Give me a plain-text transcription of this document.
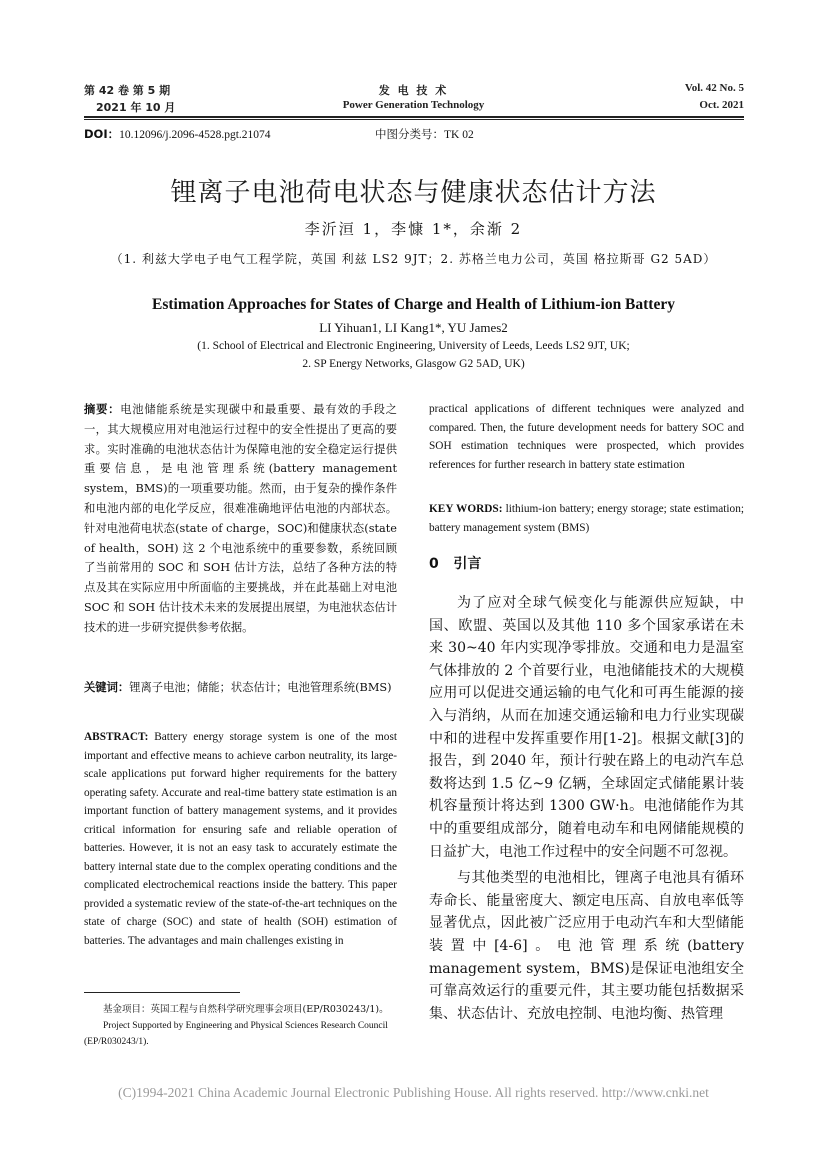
第 42 卷 第 5 期
2021 年 10 月
发 电 技 术
Power Generation Technology
Vol. 42 No. 5
Oct. 2021
DOI：10.12096/j.2096-4528.pgt.21074	中图分类号：TK 02
锂离子电池荷电状态与健康状态估计方法
李沂洹 1，李慷 1*，余渐 2
（1. 利兹大学电子电气工程学院，英国 利兹 LS2 9JT；2. 苏格兰电力公司，英国 格拉斯哥 G2 5AD）
Estimation Approaches for States of Charge and Health of Lithium-ion Battery
LI Yihuan1, LI Kang1*, YU James2
(1. School of Electrical and Electronic Engineering, University of Leeds, Leeds LS2 9JT, UK;
2. SP Energy Networks, Glasgow G2 5AD, UK)

摘要：电池储能系统是实现碳中和最重要、最有效的手段之一，其大规模应用对电池运行过程中的安全性提出了更高的要求。实时准确的电池状态估计为保障电池的安全稳定运行提供重要信息，是电池管理系统(battery management system，BMS)的一项重要功能。然而，由于复杂的操作条件和电池内部的电化学反应，很难准确地评估电池的内部状态。针对电池荷电状态(state of charge，SOC)和健康状态(state of health，SOH) 这 2 个电池系统中的重要参数，系统回顾了当前常用的 SOC 和 SOH 估计方法，总结了各种方法的特点及其在实际应用中所面临的主要挑战，并在此基础上对电池 SOC 和 SOH 估计技术未来的发展提出展望，为电池状态估计技术的进一步研究提供参考依据。

关键词：锂离子电池；储能；状态估计；电池管理系统(BMS)

ABSTRACT: Battery energy storage system is one of the most important and effective means to achieve carbon neutrality, its large-scale applications put forward higher requirements for the battery operating safety. Accurate and real-time battery state estimation is an important function of battery management systems, and it provides critical information for ensuring safe and reliable operation of batteries. However, it is not an easy task to accurately estimate the battery internal state due to the complex operating conditions and the complicated electrochemical reactions inside the battery. This paper provided a systematic review of the state-of-the-art techniques on the state of charge (SOC) and state of health (SOH) estimation of batteries. The advantages and main challenges existing in

基金项目：英国工程与自然科学研究理事会项目(EP/R030243/1)。

Project Supported by Engineering and Physical Sciences Research Council (EP/R030243/1).

practical applications of different techniques were analyzed and compared. Then, the future development needs for battery SOC and SOH estimation techniques were prospected, which provides references for further research in battery state estimation

KEY WORDS: lithium-ion battery; energy storage; state estimation; battery management system (BMS)

0 引言

为了应对全球气候变化与能源供应短缺，中国、欧盟、英国以及其他 110 多个国家承诺在未来 30~40 年内实现净零排放。交通和电力是温室气体排放的 2 个首要行业，电池储能技术的大规模应用可以促进交通运输的电气化和可再生能源的接入与消纳，从而在加速交通运输和电力行业实现碳中和的进程中发挥重要作用[1-2]。根据文献[3]的报告，到 2040 年，预计行驶在路上的电动汽车总数将达到 1.5 亿~9 亿辆，全球固定式储能累计装机容量预计将达到 1300 GW·h。电池储能作为其中的重要组成部分，随着电动车和电网储能规模的日益扩大，电池工作过程中的安全问题不可忽视。

与其他类型的电池相比，锂离子电池具有循环寿命长、能量密度大、额定电压高、自放电率低等显著优点，因此被广泛应用于电动汽车和大型储能装置中[4-6]。电池管理系统(battery management system，BMS)是保证电池组安全可靠高效运行的重要元件，其主要功能包括数据采集、状态估计、充放电控制、电池均衡、热管理

(C)1994-2021 China Academic Journal Electronic Publishing House. All rights reserved. http://www.cnki.net
